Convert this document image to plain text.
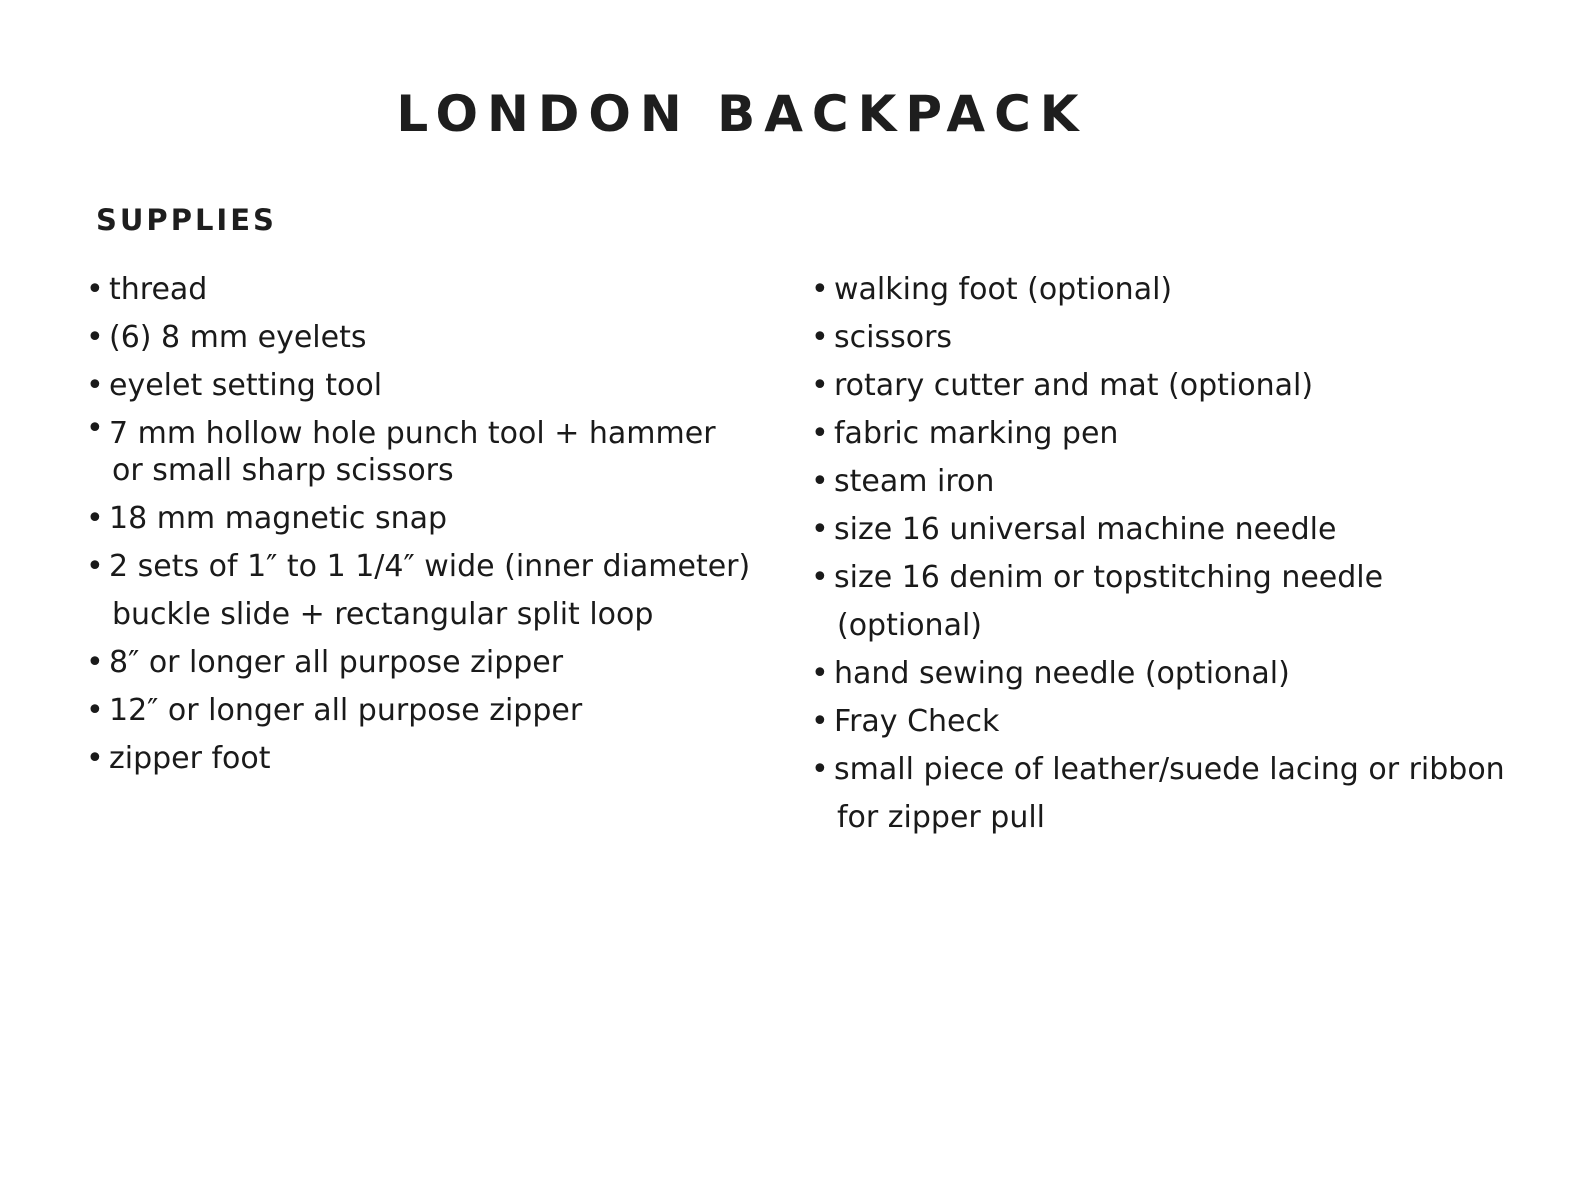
LONDON BACKPACK
SUPPLIES
• thread
• (6) 8 mm eyelets
• eyelet setting tool
• 7 mm hollow hole punch tool + hammer
or small sharp scissors
• 18 mm magnetic snap
• 2 sets of 1″ to 1 1/4″ wide (inner diameter)
buckle slide + rectangular split loop
• 8″ or longer all purpose zipper
• 12″ or longer all purpose zipper
• zipper foot
• walking foot (optional)
• scissors
• rotary cutter and mat (optional)
• fabric marking pen
• steam iron
• size 16 universal machine needle
• size 16 denim or topstitching needle
(optional)
• hand sewing needle (optional)
• Fray Check
• small piece of leather/suede lacing or ribbon
for zipper pull
